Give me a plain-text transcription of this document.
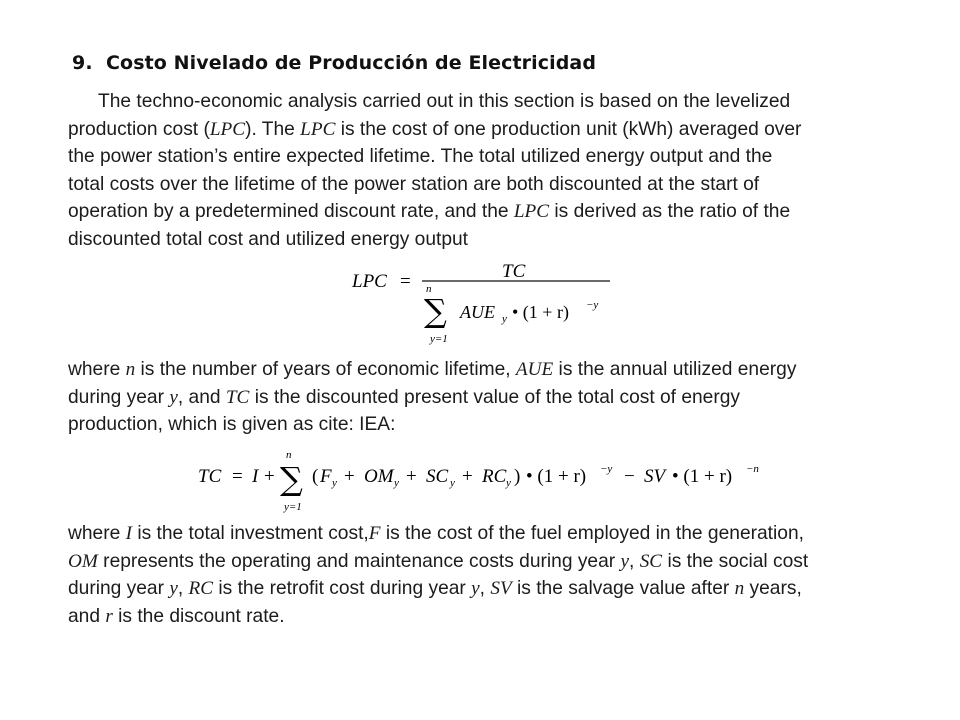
9. Costo Nivelado de Producción de Electricidad
The techno-economic analysis carried out in this section is based on the levelized
production cost (LPC). The LPC is the cost of one production unit (kWh) averaged over
the power station’s entire expected lifetime. The total utilized energy output and the
total costs over the lifetime of the power station are both discounted at the start of
operation by a predetermined discount rate, and the LPC is derived as the ratio of the
discounted total cost and utilized energy output
LPC =	TC
n
∑
y=1
AUE y • (1 + r) −y
where n is the number of years of economic lifetime, AUE is the annual utilized energy
during year y, and TC is the discounted present value of the total cost of energy
production, which is given as cite: IEA:
TC = I +
n
∑
y=1
( F y + OM y + SC y + RC y ) • (1 + r) −y − SV • (1 + r) −n
where I is the total investment cost,F is the cost of the fuel employed in the generation,
OM represents the operating and maintenance costs during year y, SC is the social cost
during year y, RC is the retrofit cost during year y, SV is the salvage value after n years,
and r is the discount rate.
